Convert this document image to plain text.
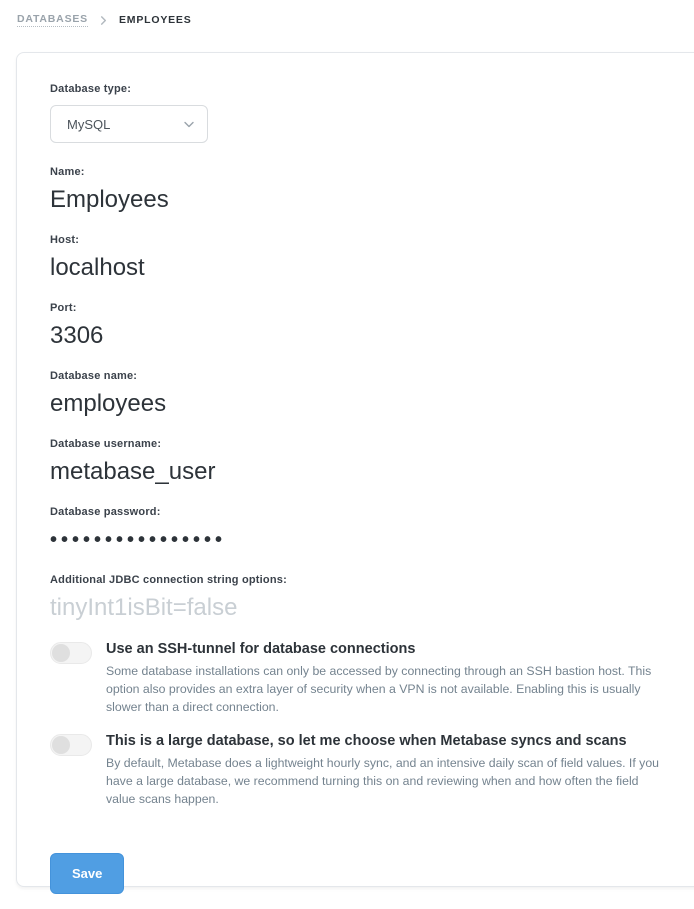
DATABASES	EMPLOYEES
Database type:
MySQL
Name:
Employees
Host:
localhost
Port:
3306
Database name:
employees
Database username:
metabase_user
Database password:
••••••••••••••••
Additional JDBC connection string options:
tinyInt1isBit=false
Use an SSH-tunnel for database connections
Some database installations can only be accessed by connecting through an SSH bastion host. This option also provides an extra layer of security when a VPN is not available. Enabling this is usually slower than a direct connection.
This is a large database, so let me choose when Metabase syncs and scans
By default, Metabase does a lightweight hourly sync, and an intensive daily scan of field values. If you have a large database, we recommend turning this on and reviewing when and how often the field value scans happen.
Save
